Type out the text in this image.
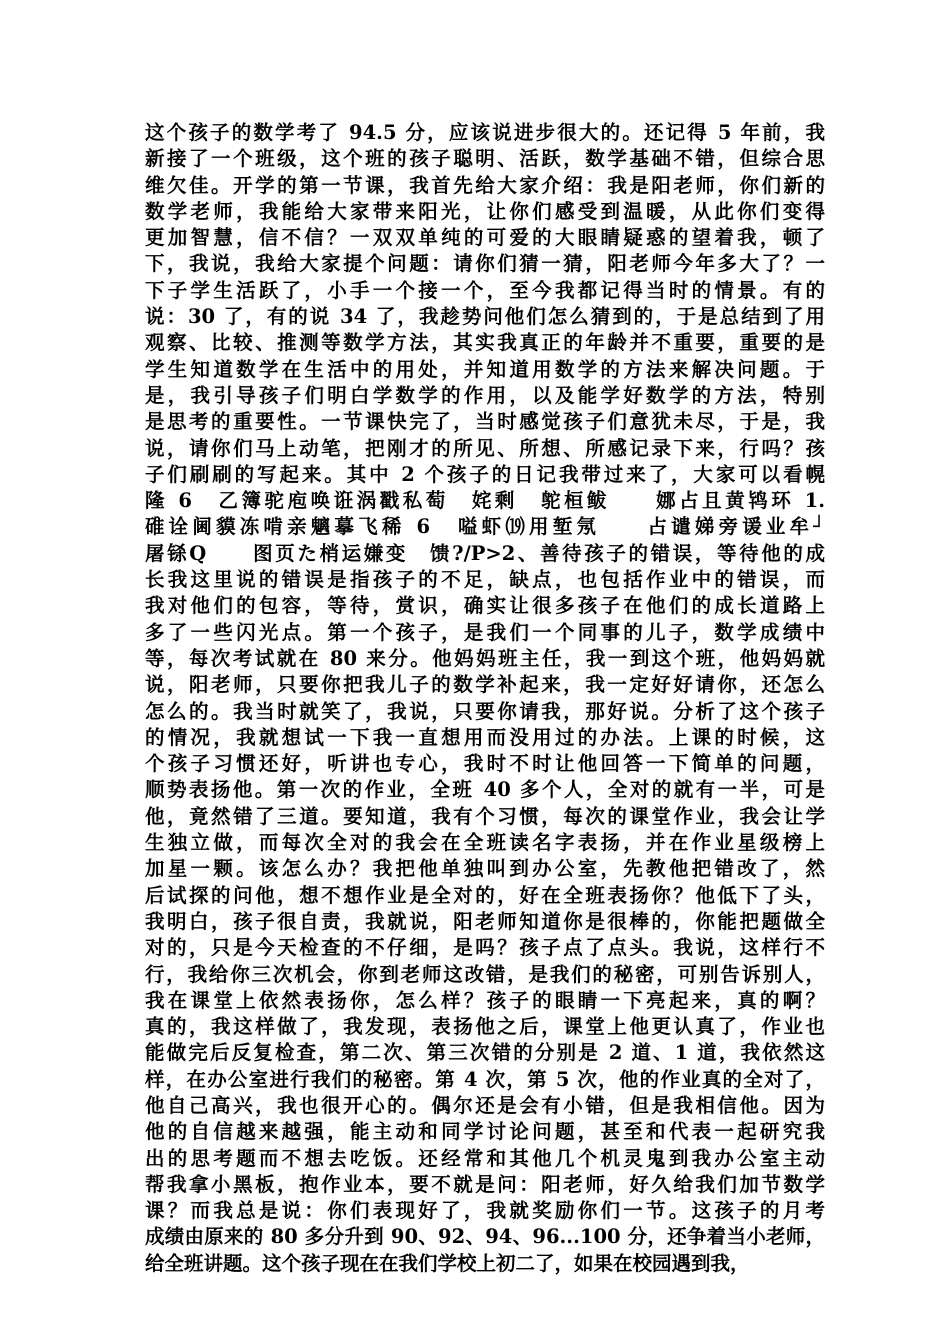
这个孩子的数学考了 94.5 分，应该说进步很大的。还记得 5 年前，我
新接了一个班级，这个班的孩子聪明、活跃，数学基础不错，但综合思
维欠佳。开学的第一节课，我首先给大家介绍：我是阳老师，你们新的
数学老师，我能给大家带来阳光，让你们感受到温暖，从此你们变得
更加智慧，信不信？一双双单纯的可爱的大眼睛疑惑的望着我，顿了
下，我说，我给大家提个问题：请你们猜一猜，阳老师今年多大了？一
下子学生活跃了，小手一个接一个，至今我都记得当时的情景。有的
说：30 了，有的说 34 了，我趁势问他们怎么猜到的，于是总结到了用
观察、比较、推测等数学方法，其实我真正的年龄并不重要，重要的是
学生知道数学在生活中的用处，并知道用数学的方法来解决问题。于
是，我引导孩子们明白学数学的作用，以及能学好数学的方法，特别
是思考的重要性。一节课快完了，当时感觉孩子们意犹未尽，于是，我
说，请你们马上动笔，把刚才的所见、所想、所感记录下来，行吗？孩
子们刷刷的写起来。其中 2 个孩子的日记我带过来了，大家可以看幌
隆 6　乙簿驼庖唤诳涡戳私萄　姹剩　鸵桓鲅　　娜占且黄鸨环 1.
碓诠阃貘冻啃亲魑摹飞稀 6　嗌虾⒆用堑氖　　占谴娣旁谖业牟┘
屠铩Q　　图页た梢运嫌变　馈?/P>2、善待孩子的错误，等待他的成
长我这里说的错误是指孩子的不足，缺点，也包括作业中的错误，而
我对他们的包容，等待，赏识，确实让很多孩子在他们的成长道路上
多了一些闪光点。第一个孩子，是我们一个同事的儿子，数学成绩中
等，每次考试就在 80 来分。他妈妈班主任，我一到这个班，他妈妈就
说，阳老师，只要你把我儿子的数学补起来，我一定好好请你，还怎么
怎么的。我当时就笑了，我说，只要你请我，那好说。分析了这个孩子
的情况，我就想试一下我一直想用而没用过的办法。上课的时候，这
个孩子习惯还好，听讲也专心，我时不时让他回答一下简单的问题，
顺势表扬他。第一次的作业，全班 40 多个人，全对的就有一半，可是
他，竟然错了三道。要知道，我有个习惯，每次的课堂作业，我会让学
生独立做，而每次全对的我会在全班读名字表扬，并在作业星级榜上
加星一颗。该怎么办？我把他单独叫到办公室，先教他把错改了，然
后试探的问他，想不想作业是全对的，好在全班表扬你？他低下了头，
我明白，孩子很自责，我就说，阳老师知道你是很棒的，你能把题做全
对的，只是今天检查的不仔细，是吗？孩子点了点头。我说，这样行不
行，我给你三次机会，你到老师这改错，是我们的秘密，可别告诉别人，
我在课堂上依然表扬你，怎么样？孩子的眼睛一下亮起来，真的啊？
真的，我这样做了，我发现，表扬他之后，课堂上他更认真了，作业也
能做完后反复检查，第二次、第三次错的分别是 2 道、1 道，我依然这
样，在办公室进行我们的秘密。第 4 次，第 5 次，他的作业真的全对了，
他自己高兴，我也很开心的。偶尔还是会有小错，但是我相信他。因为
他的自信越来越强，能主动和同学讨论问题，甚至和代表一起研究我
出的思考题而不想去吃饭。还经常和其他几个机灵鬼到我办公室主动
帮我拿小黑板，抱作业本，要不就是问：阳老师，好久给我们加节数学
课？而我总是说：你们表现好了，我就奖励你们一节。这孩子的月考
成绩由原来的 80 多分升到 90、92、94、96...100 分，还争着当小老师，
给全班讲题。这个孩子现在在我们学校上初二了，如果在校园遇到我，
